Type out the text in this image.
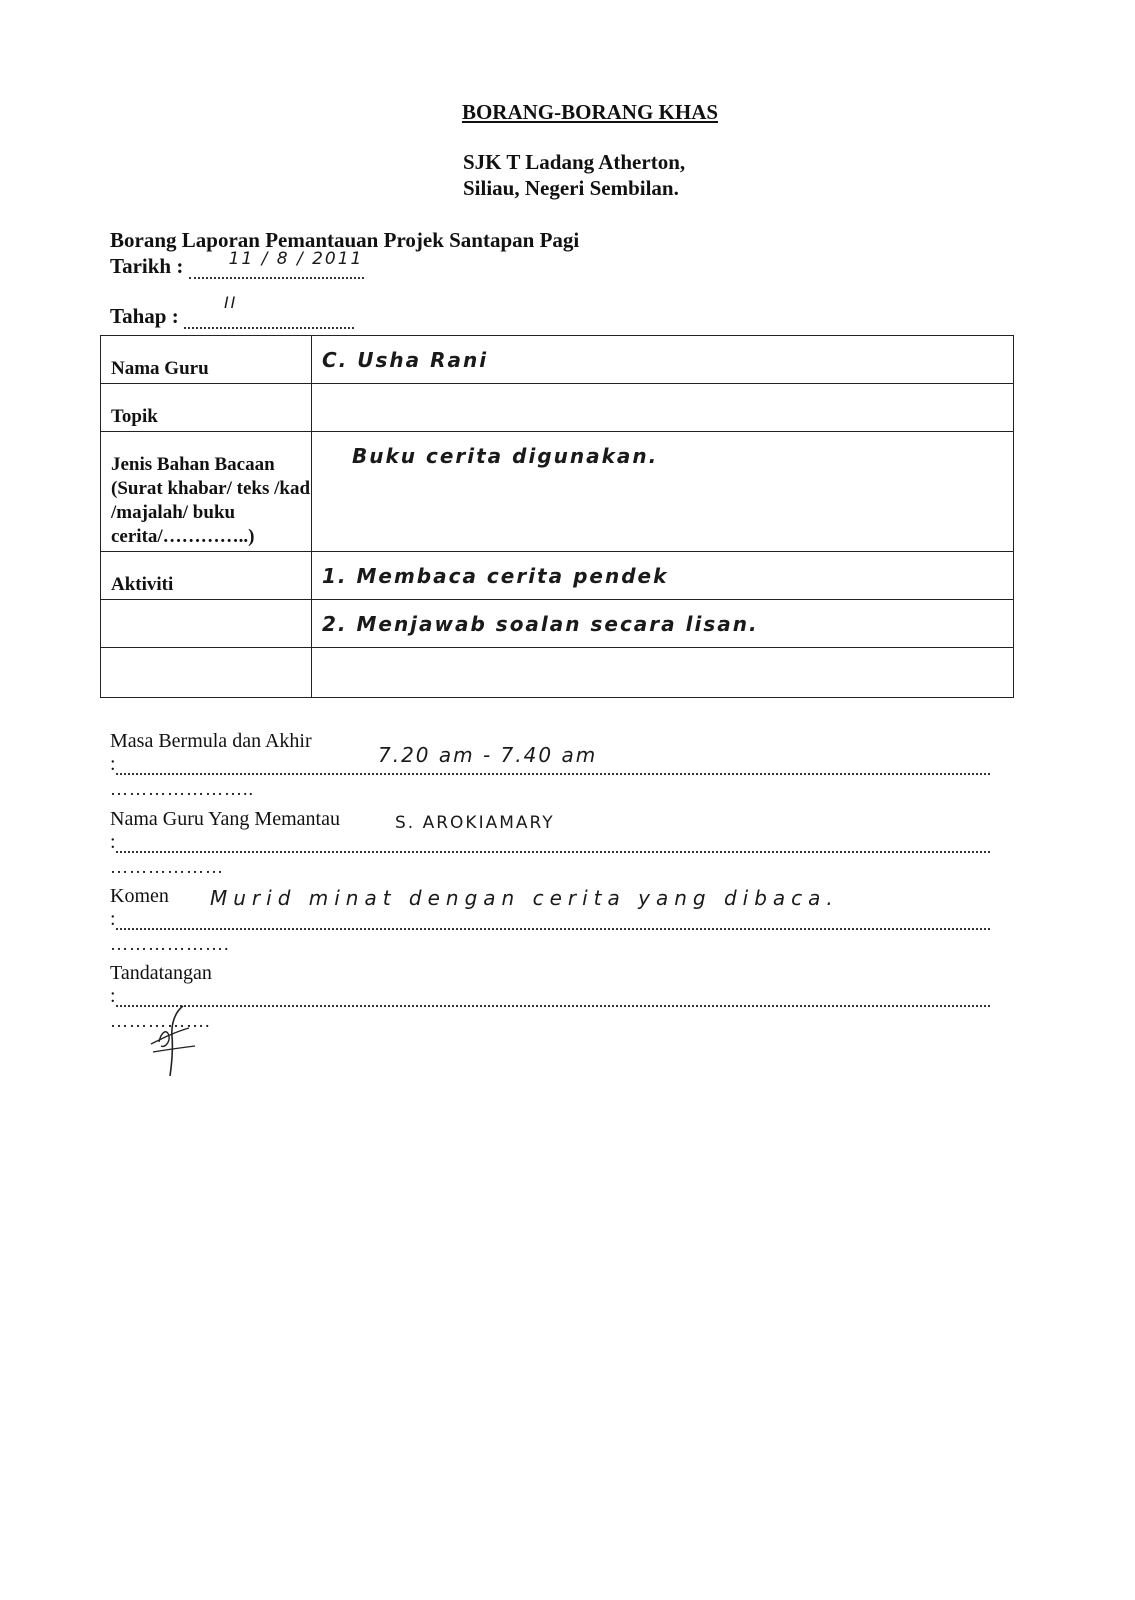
BORANG-BORANG KHAS
SJK T Ladang Atherton,
Siliau, Negeri Sembilan.
Borang Laporan Pemantauan Projek Santapan Pagi
Tarikh :	11 / 8 / 2011
Tahap :
II
Nama Guru	C. Usha Rani
Topik	
Jenis Bahan Bacaan (Surat khabar/ teks /kad /majalah/ buku cerita/…………..)	Buku cerita digunakan.
Aktiviti	1. Membaca cerita pendek
	2. Menjawab soalan secara lisan.

Masa Bermula dan Akhir
:	7.20 am - 7.40 am
…………………..
Nama Guru Yang Memantau
:
S. AROKIAMARY
………………
Komen
:
Murid minat dengan cerita yang dibaca.
……………….
Tandatangan
:
…………….
